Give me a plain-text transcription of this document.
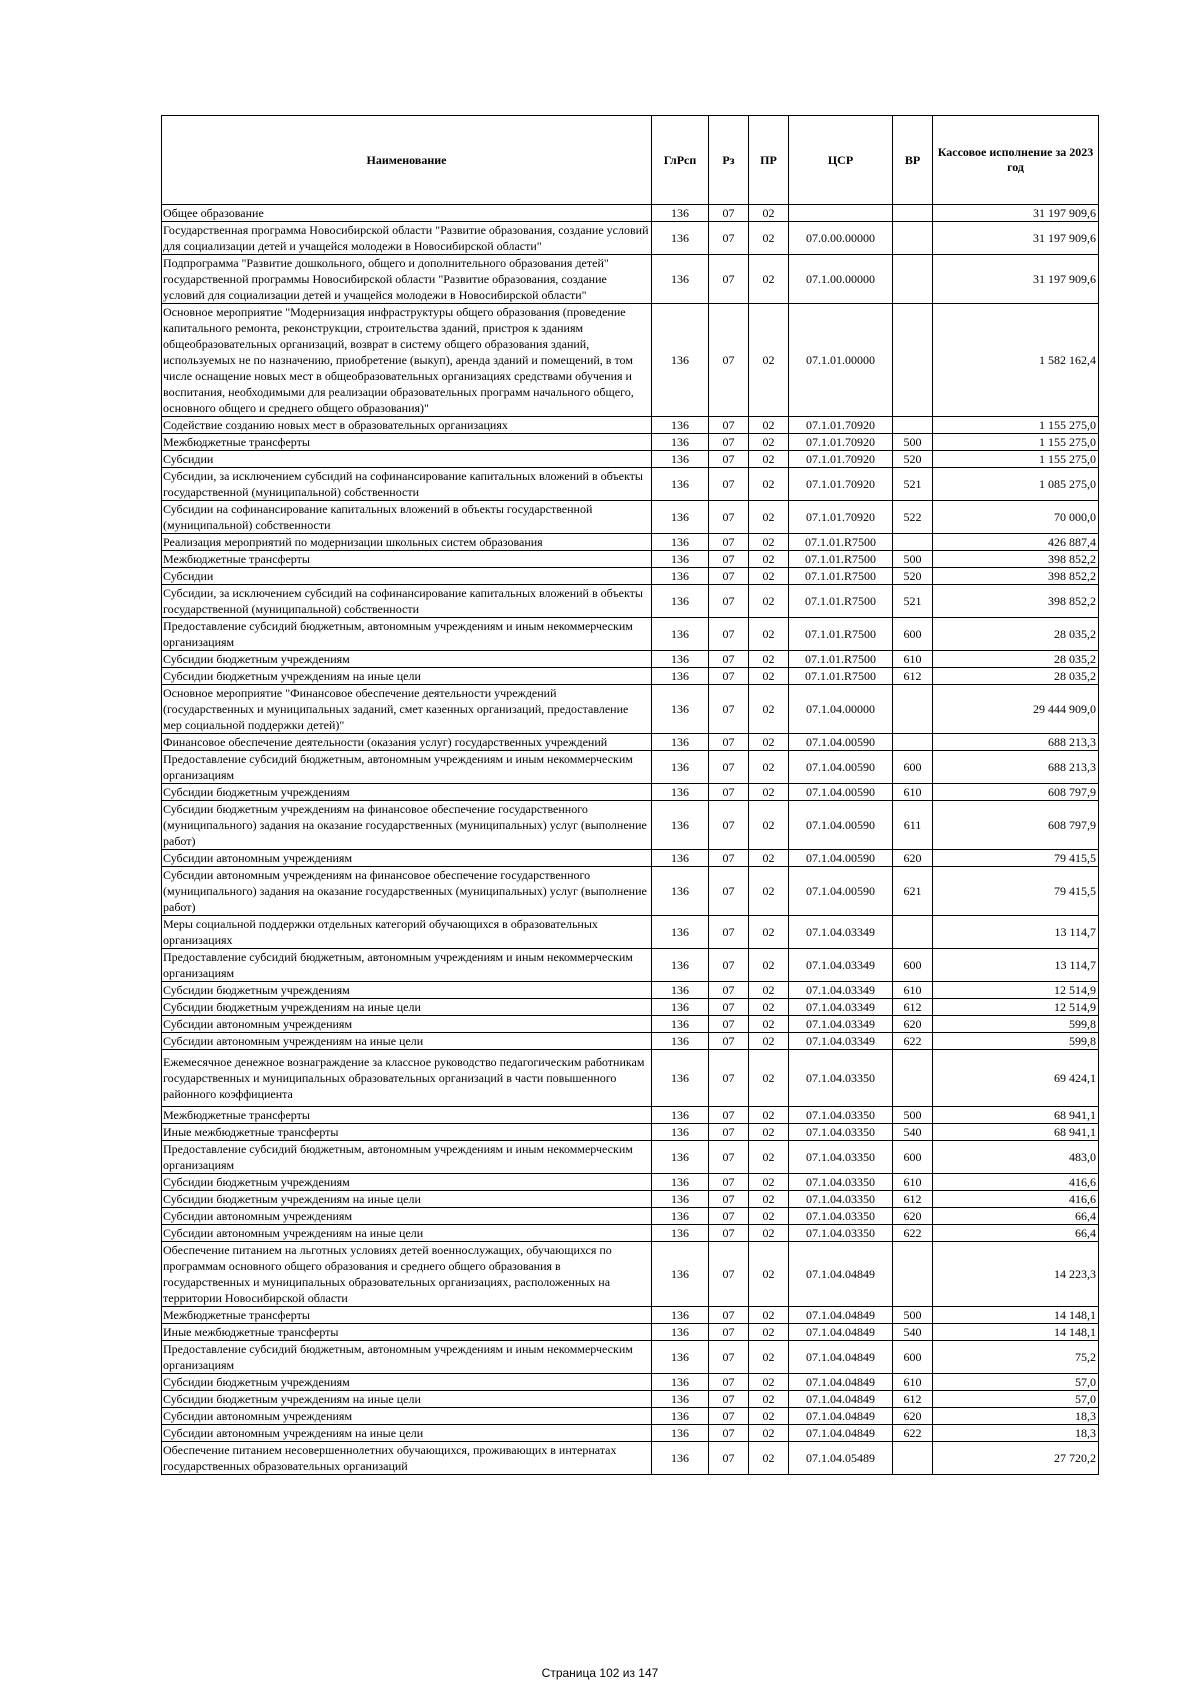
Наименование	ГлРсп	Рз	ПР	ЦСР	ВР	Кассовое исполнение за 2023 год
Общее образование	136	07	02			31 197 909,6
Государственная программа Новосибирской области "Развитие образования, создание условий для социализации детей и учащейся молодежи в Новосибирской области"	136	07	02	07.0.00.00000		31 197 909,6
Подпрограмма "Развитие дошкольного, общего и дополнительного образования детей" государственной программы Новосибирской области "Развитие образования, создание условий для социализации детей и учащейся молодежи в Новосибирской области"	136	07	02	07.1.00.00000		31 197 909,6
Основное мероприятие "Модернизация инфраструктуры общего образования (проведение капитального ремонта, реконструкции, строительства зданий, пристроя к зданиям общеобразовательных организаций, возврат в систему общего образования зданий, используемых не по назначению, приобретение (выкуп), аренда зданий и помещений, в том числе оснащение новых мест в общеобразовательных организациях средствами обучения и воспитания, необходимыми для реализации образовательных программ начального общего, основного общего и среднего общего образования)"	136	07	02	07.1.01.00000		1 582 162,4
Содействие созданию новых мест в образовательных организациях	136	07	02	07.1.01.70920		1 155 275,0
Межбюджетные трансферты	136	07	02	07.1.01.70920	500	1 155 275,0
Субсидии	136	07	02	07.1.01.70920	520	1 155 275,0
Субсидии, за исключением субсидий на софинансирование капитальных вложений в объекты государственной (муниципальной) собственности	136	07	02	07.1.01.70920	521	1 085 275,0
Субсидии на софинансирование капитальных вложений в объекты государственной (муниципальной) собственности	136	07	02	07.1.01.70920	522	70 000,0
Реализация мероприятий по модернизации школьных систем образования	136	07	02	07.1.01.R7500		426 887,4
Межбюджетные трансферты	136	07	02	07.1.01.R7500	500	398 852,2
Субсидии	136	07	02	07.1.01.R7500	520	398 852,2
Субсидии, за исключением субсидий на софинансирование капитальных вложений в объекты государственной (муниципальной) собственности	136	07	02	07.1.01.R7500	521	398 852,2
Предоставление субсидий бюджетным, автономным учреждениям и иным некоммерческим организациям	136	07	02	07.1.01.R7500	600	28 035,2
Субсидии бюджетным учреждениям	136	07	02	07.1.01.R7500	610	28 035,2
Субсидии бюджетным учреждениям на иные цели	136	07	02	07.1.01.R7500	612	28 035,2
Основное мероприятие "Финансовое обеспечение деятельности учреждений (государственных и муниципальных заданий, смет казенных организаций, предоставление мер социальной поддержки детей)"	136	07	02	07.1.04.00000		29 444 909,0
Финансовое обеспечение деятельности (оказания услуг) государственных учреждений	136	07	02	07.1.04.00590		688 213,3
Предоставление субсидий бюджетным, автономным учреждениям и иным некоммерческим организациям	136	07	02	07.1.04.00590	600	688 213,3
Субсидии бюджетным учреждениям	136	07	02	07.1.04.00590	610	608 797,9
Субсидии бюджетным учреждениям на финансовое обеспечение государственного (муниципального) задания на оказание государственных (муниципальных) услуг (выполнение работ)	136	07	02	07.1.04.00590	611	608 797,9
Субсидии автономным учреждениям	136	07	02	07.1.04.00590	620	79 415,5
Субсидии автономным учреждениям на финансовое обеспечение государственного (муниципального) задания на оказание государственных (муниципальных) услуг (выполнение работ)	136	07	02	07.1.04.00590	621	79 415,5
Меры социальной поддержки отдельных категорий обучающихся в образовательных организациях	136	07	02	07.1.04.03349		13 114,7
Предоставление субсидий бюджетным, автономным учреждениям и иным некоммерческим организациям	136	07	02	07.1.04.03349	600	13 114,7
Субсидии бюджетным учреждениям	136	07	02	07.1.04.03349	610	12 514,9
Субсидии бюджетным учреждениям на иные цели	136	07	02	07.1.04.03349	612	12 514,9
Субсидии автономным учреждениям	136	07	02	07.1.04.03349	620	599,8
Субсидии автономным учреждениям на иные цели	136	07	02	07.1.04.03349	622	599,8
Ежемесячное денежное вознаграждение за классное руководство педагогическим работникам государственных и муниципальных образовательных организаций в части повышенного районного коэффициента	136	07	02	07.1.04.03350		69 424,1
Межбюджетные трансферты	136	07	02	07.1.04.03350	500	68 941,1
Иные межбюджетные трансферты	136	07	02	07.1.04.03350	540	68 941,1
Предоставление субсидий бюджетным, автономным учреждениям и иным некоммерческим организациям	136	07	02	07.1.04.03350	600	483,0
Субсидии бюджетным учреждениям	136	07	02	07.1.04.03350	610	416,6
Субсидии бюджетным учреждениям на иные цели	136	07	02	07.1.04.03350	612	416,6
Субсидии автономным учреждениям	136	07	02	07.1.04.03350	620	66,4
Субсидии автономным учреждениям на иные цели	136	07	02	07.1.04.03350	622	66,4
Обеспечение питанием на льготных условиях детей военнослужащих, обучающихся по программам основного общего образования и среднего общего образования в государственных и муниципальных образовательных организациях, расположенных на территории Новосибирской области	136	07	02	07.1.04.04849		14 223,3
Межбюджетные трансферты	136	07	02	07.1.04.04849	500	14 148,1
Иные межбюджетные трансферты	136	07	02	07.1.04.04849	540	14 148,1
Предоставление субсидий бюджетным, автономным учреждениям и иным некоммерческим организациям	136	07	02	07.1.04.04849	600	75,2
Субсидии бюджетным учреждениям	136	07	02	07.1.04.04849	610	57,0
Субсидии бюджетным учреждениям на иные цели	136	07	02	07.1.04.04849	612	57,0
Субсидии автономным учреждениям	136	07	02	07.1.04.04849	620	18,3
Субсидии автономным учреждениям на иные цели	136	07	02	07.1.04.04849	622	18,3
Обеспечение питанием несовершеннолетних обучающихся, проживающих в интернатах государственных образовательных организаций	136	07	02	07.1.04.05489		27 720,2
Страница 102 из 147
